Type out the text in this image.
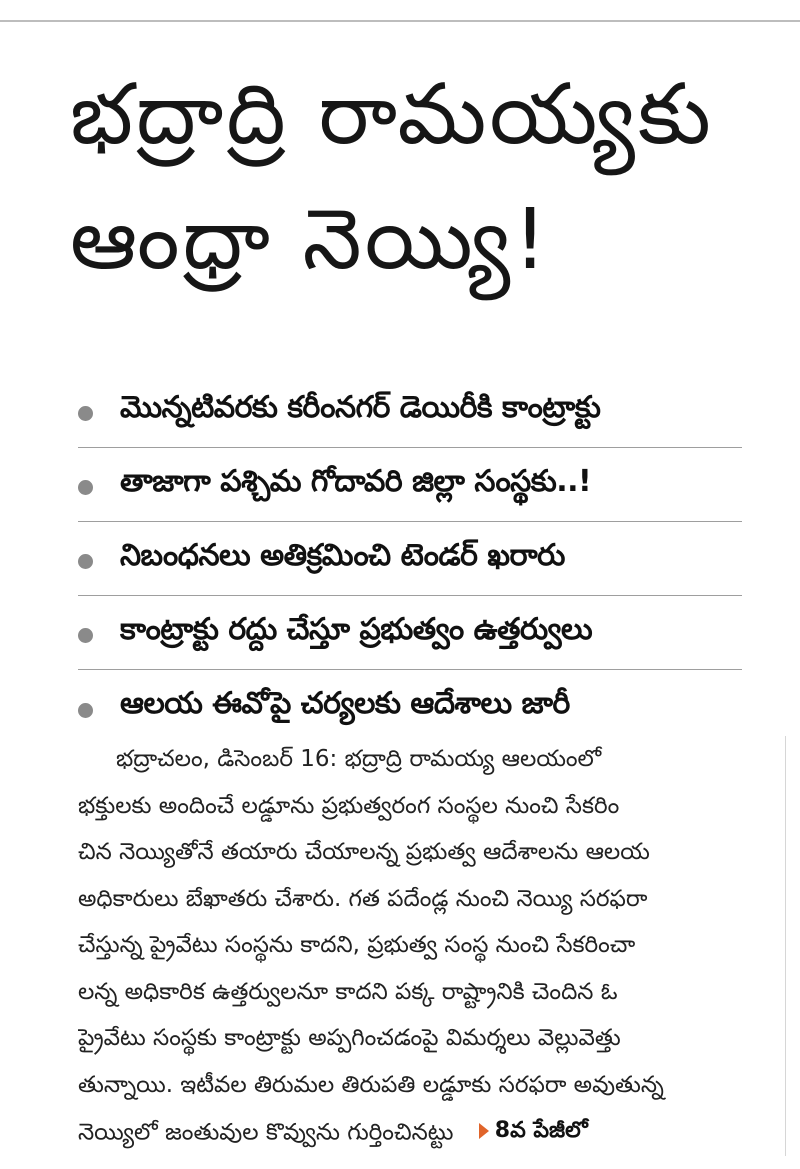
భద్రాద్రి రామయ్యకు
ఆంధ్రా నెయ్యి!
మొన్నటివరకు కరీంనగర్ డెయిరీకి కాంట్రాక్టు
తాజాగా పశ్చిమ గోదావరి జిల్లా సంస్థకు..!
నిబంధనలు అతిక్రమించి టెండర్ ఖరారు
కాంట్రాక్టు రద్దు చేస్తూ ప్రభుత్వం ఉత్తర్వులు
ఆలయ ఈవోపై చర్యలకు ఆదేశాలు జారీ
భద్రాచలం, డిసెంబర్ 16: భద్రాద్రి రామయ్య ఆలయంలో
భక్తులకు అందించే లడ్డూను ప్రభుత్వరంగ సంస్థల నుంచి సేకరిం
చిన నెయ్యితోనే తయారు చేయాలన్న ప్రభుత్వ ఆదేశాలను ఆలయ
అధికారులు బేఖాతరు చేశారు. గత పదేండ్ల నుంచి నెయ్యి సరఫరా
చేస్తున్న ప్రైవేటు సంస్థను కాదని, ప్రభుత్వ సంస్థ నుంచి సేకరించా
లన్న అధికారిక ఉత్తర్వులనూ కాదని పక్క రాష్ట్రానికి చెందిన ఓ
ప్రైవేటు సంస్థకు కాంట్రాక్టు అప్పగించడంపై విమర్శలు వెల్లువెత్తు
తున్నాయి. ఇటీవల తిరుమల తిరుపతి లడ్డూకు సరఫరా అవుతున్న
నెయ్యిలో జంతువుల కొవ్వును గుర్తించినట్టు 8వ పేజీలో
